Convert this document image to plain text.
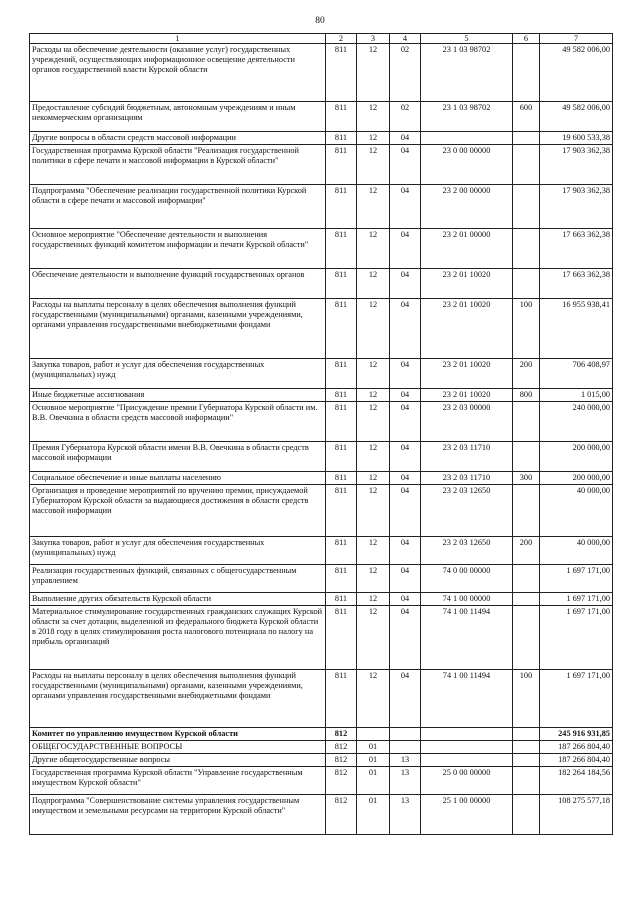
80
1	2	3	4	5	6	7
Расходы на обеспечение деятельности (оказание услуг) государственных учреждений, осуществляющих информационное освещение деятельности органов государственной власти Курской области	811	12	02	23 1 03 98702		49 582 006,00
Предоставление субсидий бюджетным, автономным учреждениям и иным некоммерческим организациям	811	12	02	23 1 03 98702	600	49 582 006,00
Другие вопросы в области средств массовой информации	811	12	04			19 600 533,38
Государственная программа Курской области "Реализация государственной политики в сфере печати и массовой информации в Курской области"	811	12	04	23 0 00 00000		17 903 362,38
Подпрограмма "Обеспечение реализации государственной политики Курской области в сфере печати и массовой информации"	811	12	04	23 2 00 00000		17 903 362,38
Основное мероприятие "Обеспечение деятельности и выполнения государственных функций комитетом информации и печати Курской области"	811	12	04	23 2 01 00000		17 663 362,38
Обеспечение деятельности и выполнение функций государственных органов	811	12	04	23 2 01 10020		17 663 362,38
Расходы на выплаты персоналу в целях обеспечения выполнения функций государственными (муниципальными) органами, казенными учреждениями, органами управления государственными внебюджетными фондами	811	12	04	23 2 01 10020	100	16 955 938,41
Закупка товаров, работ и услуг для обеспечения государственных (муниципальных) нужд	811	12	04	23 2 01 10020	200	706 408,97
Иные бюджетные ассигнования	811	12	04	23 2 01 10020	800	1 015,00
Основное мероприятие "Присуждение премии Губернатора Курской области им. В.В. Овечкина в области средств массовой информации"	811	12	04	23 2 03 00000		240 000,00
Премия Губернатора Курской области имени В.В. Овечкина в области средств массовой информации	811	12	04	23 2 03 11710		200 000,00
Социальное обеспечение и иные выплаты населению	811	12	04	23 2 03 11710	300	200 000,00
Организация и проведение мероприятий по вручению премии, присуждаемой Губернатором Курской области за выдающиеся достижения в области средств массовой информации	811	12	04	23 2 03 12650		40 000,00
Закупка товаров, работ и услуг для обеспечения государственных (муниципальных) нужд	811	12	04	23 2 03 12650	200	40 000,00
Реализация государственных функций, связанных с общегосударственным управлением	811	12	04	74 0 00 00000		1 697 171,00
Выполнение других обязательств Курской области	811	12	04	74 1 00 00000		1 697 171,00
Материальное стимулирование государственных гражданских служащих Курской области за счет дотации, выделенной из федерального бюджета Курской области в 2018 году в целях стимулирования роста налогового потенциала по налогу на прибыль организаций	811	12	04	74 1 00 11494		1 697 171,00
Расходы на выплаты персоналу в целях обеспечения выполнения функций государственными (муниципальными) органами, казенными учреждениями, органами управления государственными внебюджетными фондами	811	12	04	74 1 00 11494	100	1 697 171,00
Комитет по управлению имуществом Курской области	812					245 916 931,85
ОБЩЕГОСУДАРСТВЕННЫЕ ВОПРОСЫ	812	01				187 266 804,40
Другие общегосударственные вопросы	812	01	13			187 266 804,40
Государственная программа Курской области "Управление государственным имуществом Курской области"	812	01	13	25 0 00 00000		182 264 184,56
Подпрограмма "Совершенствование системы управления государственным имуществом и земельными ресурсами на территории Курской области"	812	01	13	25 1 00 00000		108 275 577,18
